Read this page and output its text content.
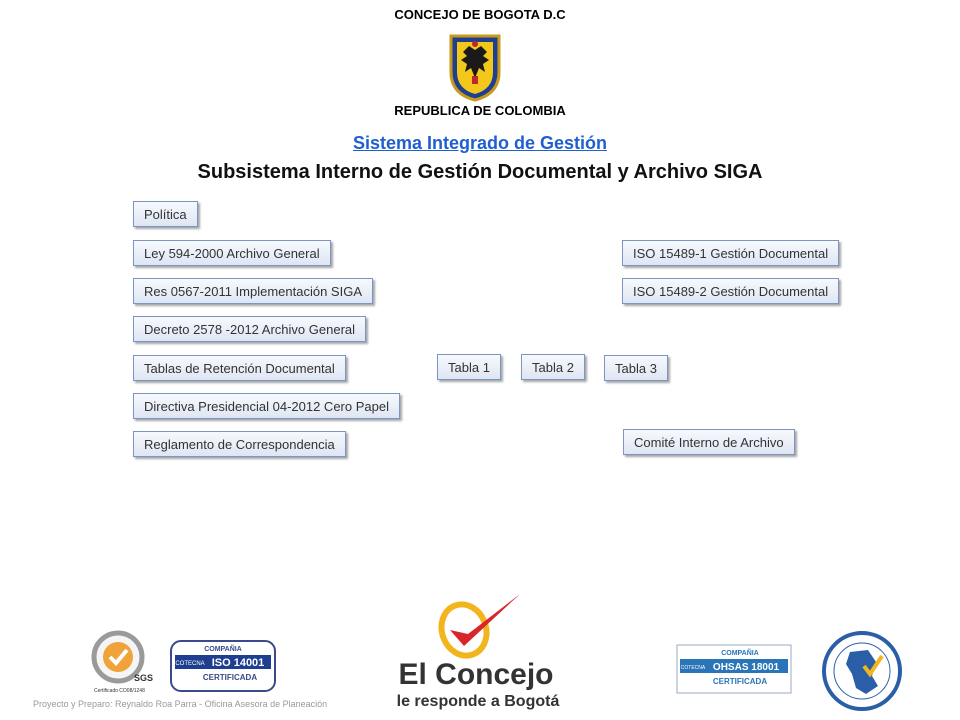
CONCEJO DE BOGOTA D.C
REPUBLICA DE COLOMBIA
Sistema Integrado de Gestión
Subsistema Interno de Gestión Documental y Archivo SIGA
Política
Ley 594-2000 Archivo General
Res 0567-2011 Implementación SIGA
Decreto 2578 -2012 Archivo General
Tablas de Retención Documental
Directiva Presidencial 04-2012 Cero Papel
Reglamento de Correspondencia
Tabla 1	Tabla 2	Tabla 3
ISO 15489-1 Gestión Documental
ISO 15489-2 Gestión Documental
Comité Interno de Archivo
SGS
Certificado CO08/1248
COMPAÑIA
COTECNA ISO 14001
CERTIFICADA	El Concejo
le responde a Bogotá
COMPAÑIA
COTECNA OHSAS 18001
CERTIFICADA
Proyecto y Preparo: Reynaldo Roa Parra - Oficina Asesora de Planeación
